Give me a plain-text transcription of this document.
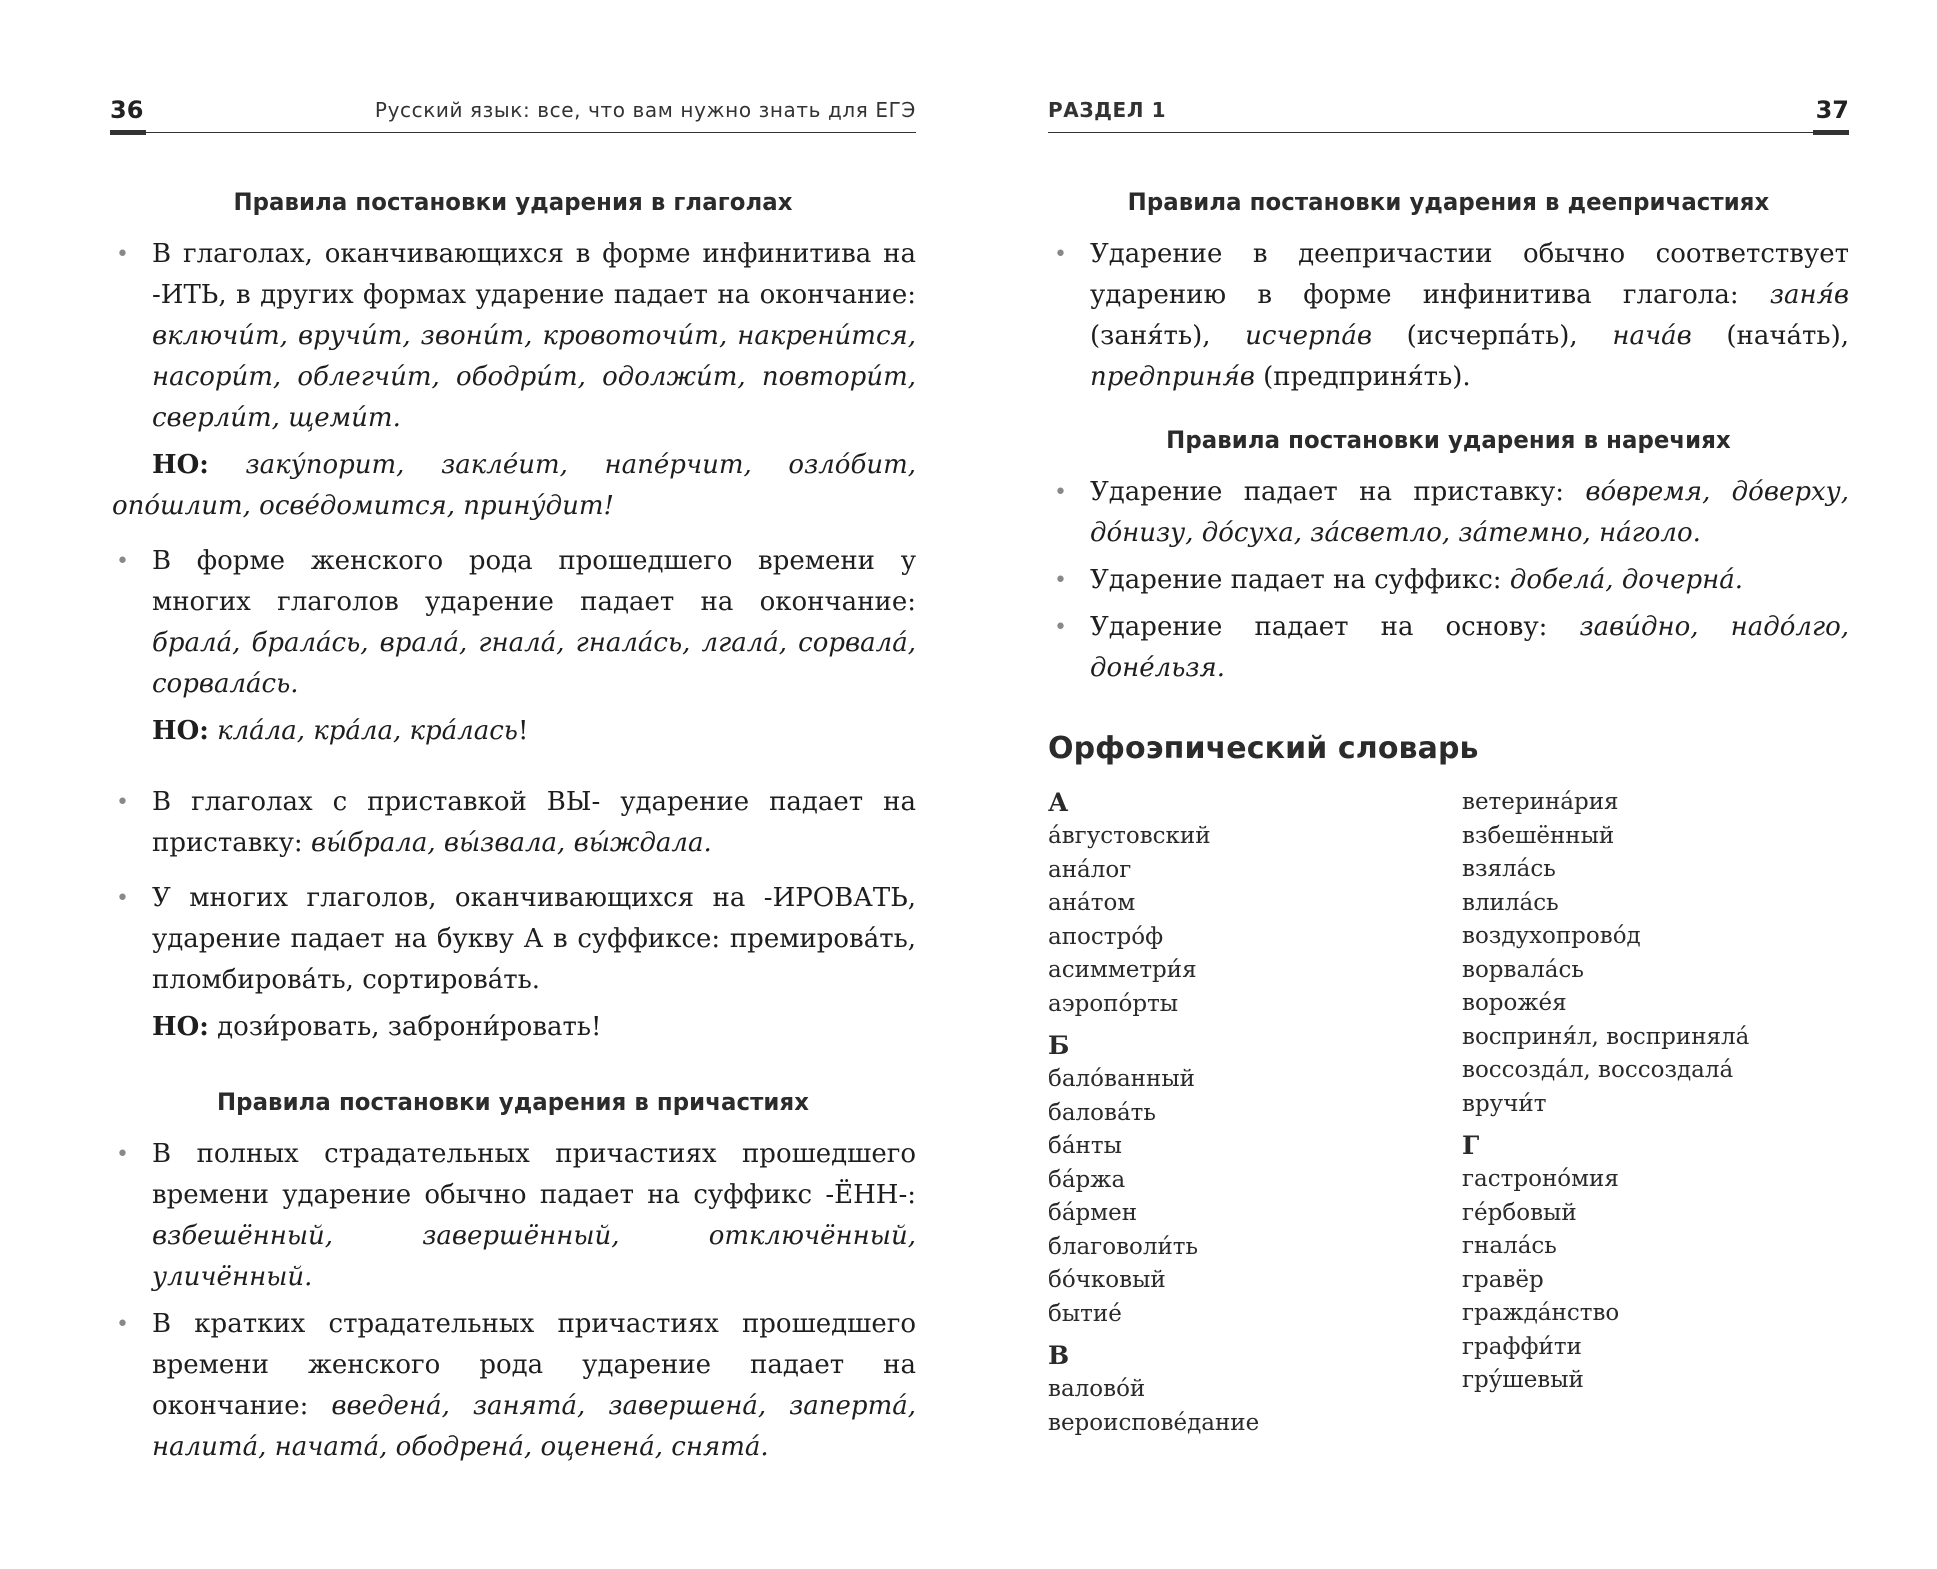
36	Русский язык: все, что вам нужно знать для ЕГЭ
Правила постановки ударения в глаголах
• В глаголах, оканчивающихся в форме инфинитива на -ИТЬ, в других формах ударение падает на окончание: включи́т, вручи́т, звони́т, кровоточи́т, накрени́тся, насори́т, облегчи́т, ободри́т, одолжи́т, повтори́т, сверли́т, щеми́т.

НО: заку́порит, заклéит, напéрчит, озло́бит, опо́шлит, освéдомится, прину́дит!

• В форме женского рода прошедшего времени у многих глаголов ударение падает на окончание: брала́, брала́сь, врала́, гнала́, гнала́сь, лгала́, сорвала́, сорвала́сь.

НО: кла́ла, кра́ла, кра́лась!

• В глаголах с приставкой ВЫ- ударение падает на приставку: вы́брала, вы́звала, вы́ждала.
• У многих глаголов, оканчивающихся на -ИРОВАТЬ, ударение падает на букву А в суффиксе: премирова́ть, пломбирова́ть, сортирова́ть.

НО: дози́ровать, заброни́ровать!

Правила постановки ударения в причастиях
• В полных страдательных причастиях прошедшего времени ударение обычно падает на суффикс -ЁНН-: взбешённый, завершённый, отключённый, уличённый.
• В кратких страдательных причастиях прошедшего времени женского рода ударение падает на окончание: введена́, занята́, завершена́, заперта́, налита́, начата́, ободрена́, оценена́, снята́.
РАЗДЕЛ 1	37
Правила постановки ударения в деепричастиях
• Ударение в деепричастии обычно соответствует ударению в форме инфинитива глагола: заня́в (заня́ть), исчерпа́в (исчерпа́ть), нача́в (нача́ть), предприня́в (предприня́ть).
Правила постановки ударения в наречиях
• Ударение падает на приставку: во́время, до́верху, до́низу, до́суха, за́светло, за́темно, на́голо.
• Ударение падает на суффикс: добела́, дочерна́.
• Ударение падает на основу: зави́дно, надо́лго, донéльзя.
Орфоэпический словарь
А
а́вгустовский
ана́лог
ана́том
апостро́ф
асимметри́я
аэропо́рты
Б
бало́ванный
балова́ть
ба́нты
ба́ржа
ба́рмен
благоволи́ть
бо́чковый
бытиé
В
валово́й
вероисповéдание
ветерина́рия
взбешённый
взяла́сь
влила́сь
воздухопрово́д
ворвала́сь
ворожéя
восприня́л, восприняла́
воссозда́л, воссоздала́
вручи́т
Г
гастроно́мия
гéрбовый
гнала́сь
гравёр
гражда́нство
граффи́ти
гру́шевый
